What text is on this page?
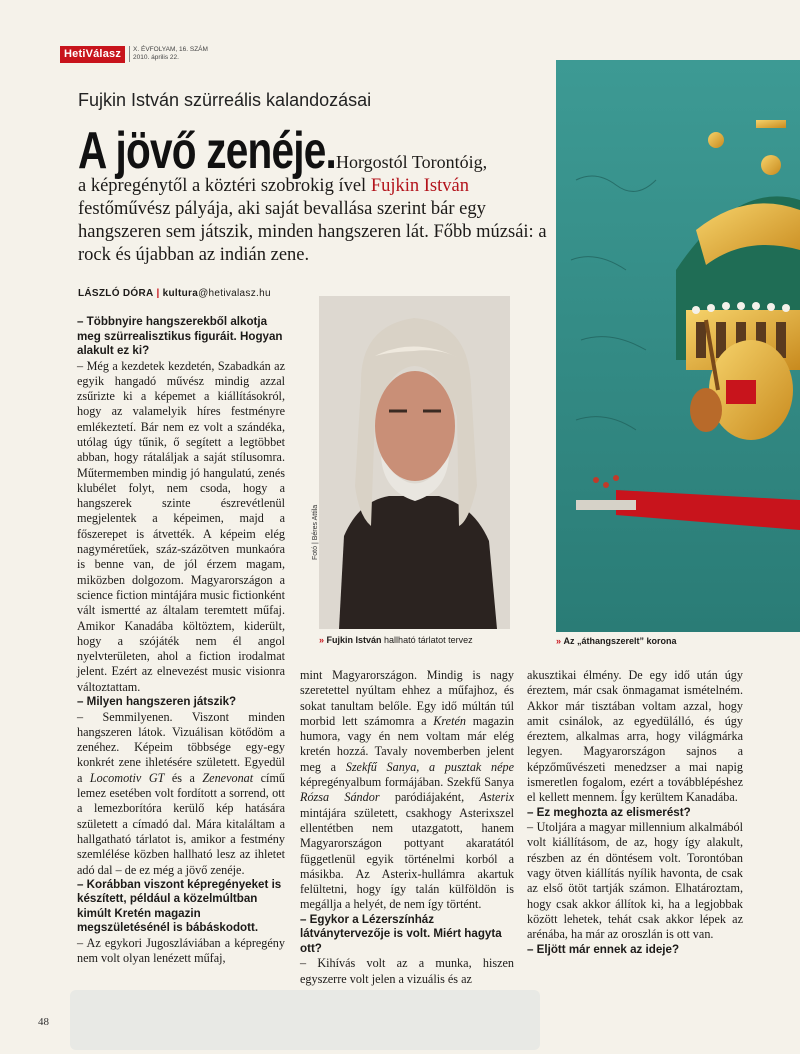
HetiVálasz	X. ÉVFOLYAM, 16. SZÁM
2010. április 22.
Fujkin István szürreális kalandozásai
A jövő zenéje. Horgostól Torontóig,
a képregénytől a köztéri szobrokig ível Fujkin István festőművész pályája, aki saját bevallása szerint bár egy hangszeren sem játszik, minden hangszeren lát. Főbb múzsái: a rock és újabban az indián zene.
LÁSZLÓ DÓRA | kultura@hetivalasz.hu

– Többnyire hangszerekből alkotja meg szürrealisztikus figuráit. Hogyan alakult ez ki?

– Még a kezdetek kezdetén, Szabadkán az egyik hangadó művész mindig azzal zsűrizte ki a képemet a kiállításokról, hogy az valamelyik híres festményre emlékeztetí. Bár nem ez volt a szándéka, utólag úgy tűnik, ő segített a legtöbbet abban, hogy rátaláljak a saját stílusomra. Műtermemben mindig jó hangulatú, zenés klubélet folyt, nem csoda, hogy a hangszerek szinte észrevétlenül megjelentek a képeimen, majd a főszerepet is átvették. A képeim elég nagyméretűek, száz-százötven munkaóra is benne van, de jól érzem magam, miközben dolgozom. Magyarországon a science fiction mintájára music fictionként vált ismertté az általam teremtett műfaj. Amikor Kanadába költöztem, kiderült, hogy a szójáték nem él angol nyelvterületen, ahol a fiction irodalmat jelent. Ezért az elnevezést music visionra változtattam.

– Milyen hangszeren játszik?

– Semmilyenen. Viszont minden hangszeren látok. Vizuálisan kötődöm a zenéhez. Képeim többsége egy-egy konkrét zene ihletésére született. Egyedül a Locomotiv GT és a Zenevonat című lemez esetében volt fordított a sorrend, ott a lemezborítóra kerülő kép hatására született a címadó dal. Mára kitaláltam a hallgatható tárlatot is, amikor a festmény szemlélése közben hallható lesz az ihletet adó dal – de ez még a jövő zenéje.

– Korábban viszont képregényeket is készített, például a közelmúltban kimúlt Kretén magazin megszületésénél is bábáskodott.

– Az egykori Jugoszláviában a képregény nem volt olyan lenézett műfaj,

Fotó | Béres Attila
» Fujkin István hallható tárlatot tervez	» Az „áthangszerelt” korona

mint Magyarországon. Mindig is nagy szeretettel nyúltam ehhez a műfajhoz, és sokat tanultam belőle. Egy idő múltán túl morbid lett számomra a Kretén magazin humora, vagy én nem voltam már elég kretén hozzá. Tavaly novemberben jelent meg a Szekfű Sanya, a pusztak népe képregényalbum formájában. Szekfű Sanya Rózsa Sándor paródiájaként, Asterix mintájára született, csakhogy Asterixszel ellentétben nem utazgatott, hanem Magyarországon pottyant akaratától függetlenül egyik történelmi korból a másikba. Az Asterix-hullámra akartuk felültetni, hogy így talán külföldön is megállja a helyét, de nem így történt.

– Egykor a Lézerszínház látványtervezője is volt. Miért hagyta ott?

– Kihívás volt az a munka, hiszen egyszerre volt jelen a vizuális és az

akusztikai élmény. De egy idő után úgy éreztem, már csak önmagamat ismételném. Akkor már tisztában voltam azzal, hogy amit csinálok, az egyedülálló, és úgy éreztem, alkalmas arra, hogy világmárka legyen. Magyarországon sajnos a képzőművészeti menedzser a mai napig ismeretlen fogalom, ezért a továbblépéshez el kellett mennem. Így kerültem Kanadába.

– Ez meghozta az elismerést?

– Utoljára a magyar millennium alkalmából volt kiállításom, de az, hogy így alakult, részben az én döntésem volt. Torontóban vagy ötven kiállítás nyílik havonta, de csak az első ötöt tartják számon. Elhatároztam, hogy csak akkor állítok ki, ha a legjobbak között lehetek, tehát csak akkor lépek az arénába, ha már az oroszlán is ott van.

– Eljött már ennek az ideje?

48
